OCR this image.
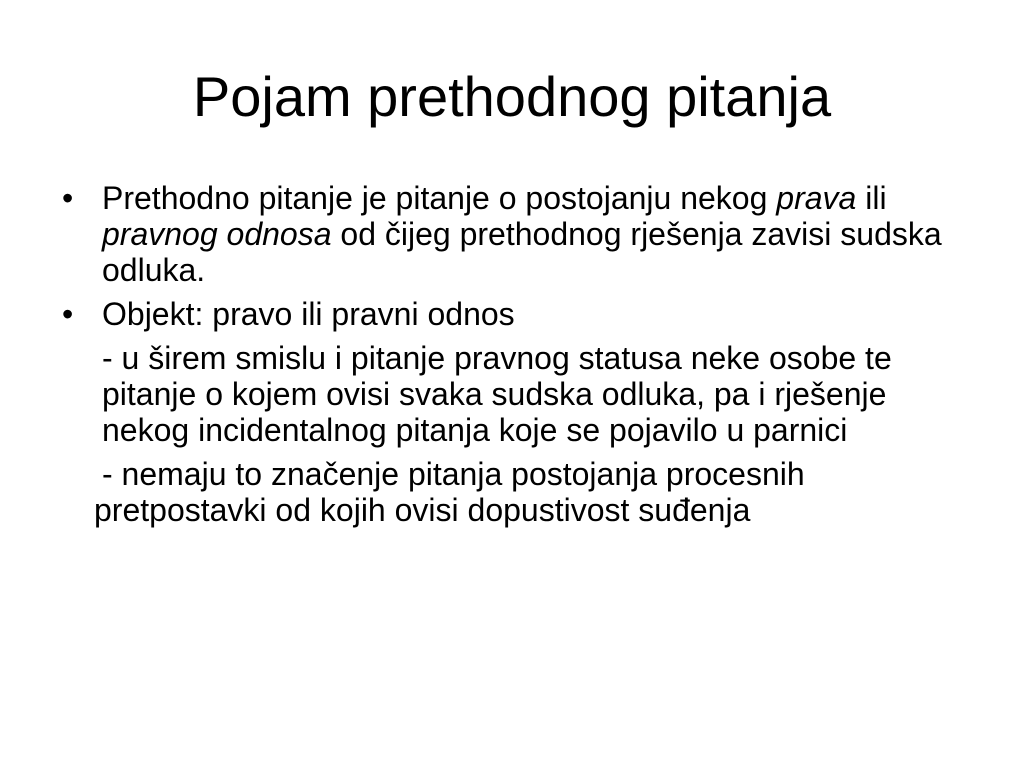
Pojam prethodnog pitanja
• Prethodno pitanje je pitanje o postojanju nekog prava ili pravnog odnosa od čijeg prethodnog rješenja zavisi sudska odluka.
• Objekt: pravo ili pravni odnos
- u širem smislu i pitanje pravnog statusa neke osobe te pitanje o kojem ovisi svaka sudska odluka, pa i rješenje nekog incidentalnog pitanja koje se pojavilo u parnici
- nemaju to značenje pitanja postojanja procesnih pretpostavki od kojih ovisi dopustivost suđenja
